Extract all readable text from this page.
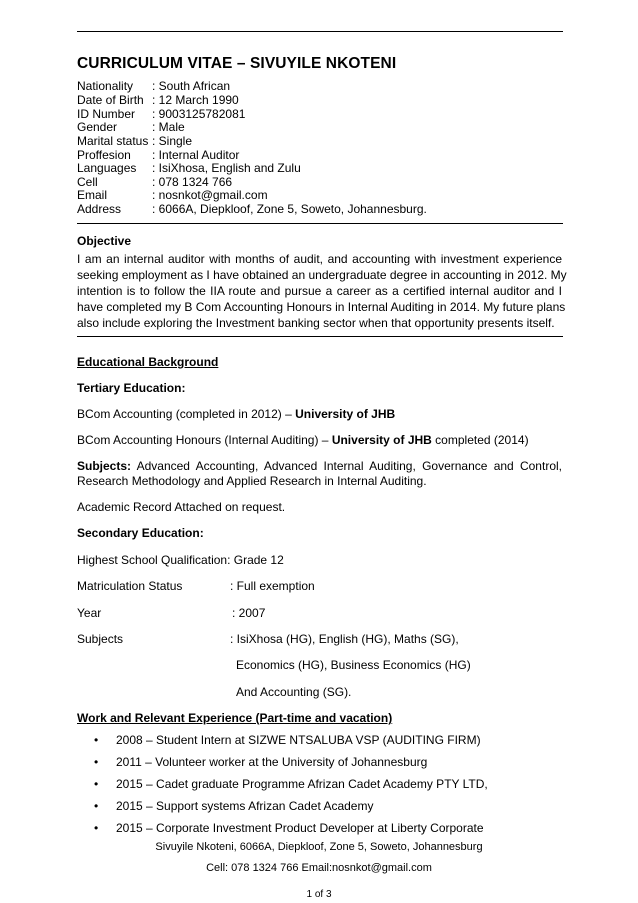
CURRICULUM VITAE – SIVUYILE NKOTENI
Nationality : South African
Date of Birth : 12 March 1990
ID Number : 9003125782081
Gender	: Male
Marital status : Single
Proffesion : Internal Auditor
Languages : IsiXhosa, English and Zulu
Cell	: 078 1324 766
Email	: nosnkot@gmail.com
Address	: 6066A, Diepkloof, Zone 5, Soweto, Johannesburg.
Objective
I am an internal auditor with months of audit, and accounting with investment experience
seeking employment as I have obtained an undergraduate degree in accounting in 2012. My
intention is to follow the IIA route and pursue a career as a certified internal auditor and I
have completed my B Com Accounting Honours in Internal Auditing in 2014. My future plans
also include exploring the Investment banking sector when that opportunity presents itself.
Educational Background
Tertiary Education:
BCom Accounting (completed in 2012) – University of JHB
BCom Accounting Honours (Internal Auditing) – University of JHB completed (2014)
Subjects: Advanced Accounting, Advanced Internal Auditing, Governance and Control,
Research Methodology and Applied Research in Internal Auditing.
Academic Record Attached on request.
Secondary Education:
Highest School Qualification: Grade 12
Matriculation Status	: Full exemption
Year	: 2007
Subjects	: IsiXhosa (HG), English (HG), Maths (SG),
Economics (HG), Business Economics (HG)
And Accounting (SG).
Work and Relevant Experience (Part-time and vacation)
• 2008 – Student Intern at SIZWE NTSALUBA VSP (AUDITING FIRM)
• 2011 – Volunteer worker at the University of Johannesburg
• 2015 – Cadet graduate Programme Afrizan Cadet Academy PTY LTD,
• 2015 – Support systems Afrizan Cadet Academy
• 2015 – Corporate Investment Product Developer at Liberty Corporate
Sivuyile Nkoteni, 6066A, Diepkloof, Zone 5, Soweto, Johannesburg
Cell: 078 1324 766 Email:nosnkot@gmail.com
1 of 3
